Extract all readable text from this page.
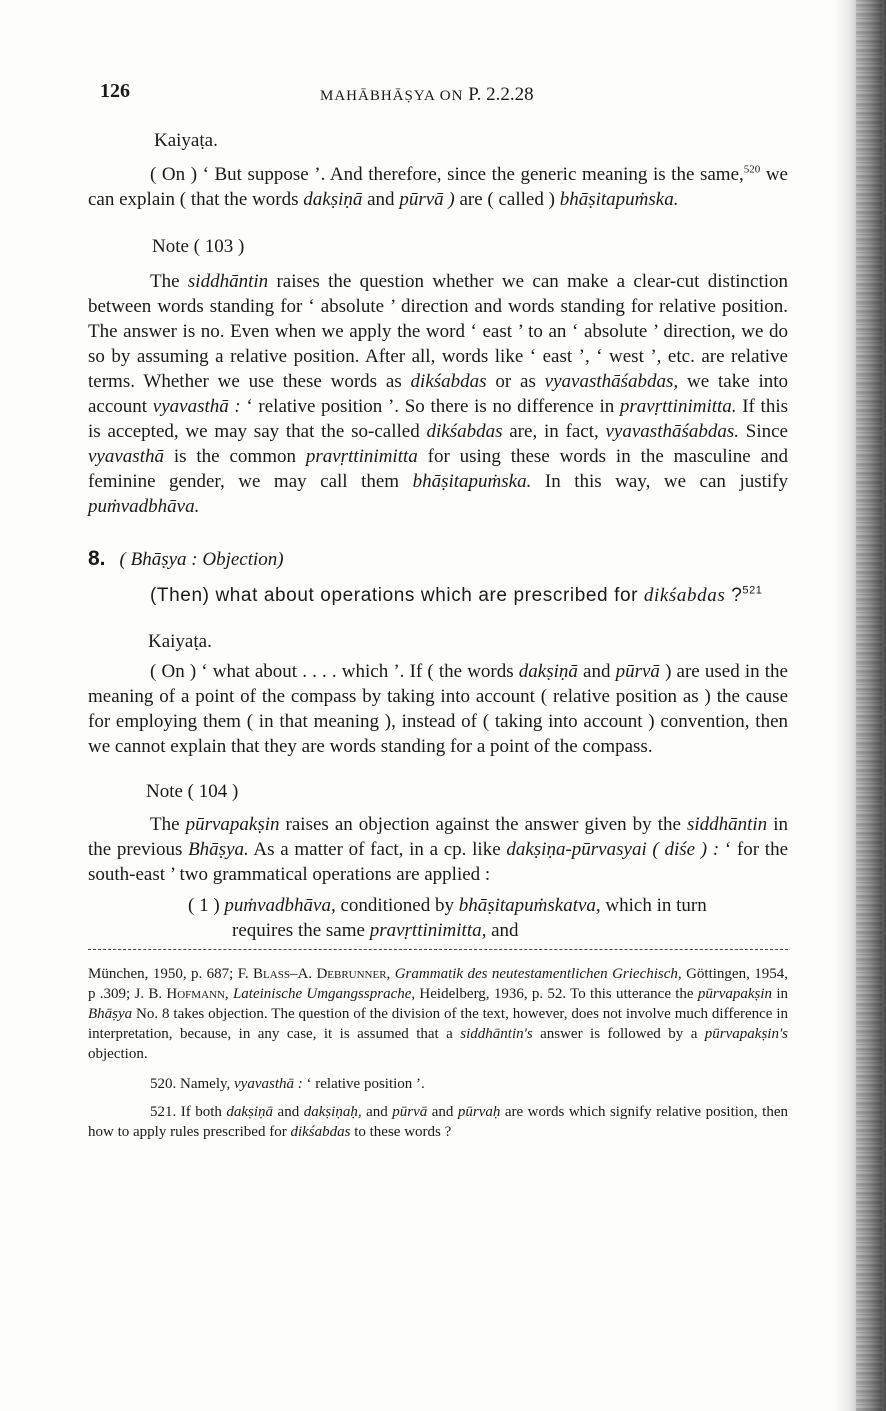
126	MAHĀBHĀṢYA ON P. 2.2.28

Kaiyaṭa.

( On ) ‘ But suppose ’. And therefore, since the generic meaning is the same,$^{520}$ we can explain ( that the words dakṣiṇā and pūrvā ) are ( called ) bhāṣitapuṁska.

Note ( 103 )

The siddhāntin raises the question whether we can make a clear-cut distinction between words standing for ‘ absolute ’ direction and words standing for relative position. The answer is no. Even when we apply the word ‘ east ’ to an ‘ absolute ’ direction, we do so by assuming a relative position. After all, words like ‘ east ’, ‘ west ’, etc. are relative terms. Whether we use these words as dikśabdas or as vyavasthāśabdas, we take into account vyavasthā : ‘ relative position ’. So there is no difference in pravṛttinimitta. If this is accepted, we may say that the so-called dikśabdas are, in fact, vyavasthāśabdas. Since vyavasthā is the common pravṛttinimitta for using these words in the masculine and feminine gender, we may call them bhāṣitapuṁska. In this way, we can justify puṁvadbhāva.

8. ( Bhāṣya : Objection)

(Then) what about operations which are prescribed for dikśabdas ?$^{521}$

Kaiyaṭa.

( On ) ‘ what about . . . . which ’. If ( the words dakṣiṇā and pūrvā ) are used in the meaning of a point of the compass by taking into account ( relative position as ) the cause for employing them ( in that meaning ), instead of ( taking into account ) convention, then we cannot explain that they are words standing for a point of the compass.

Note ( 104 )

The pūrvapakṣin raises an objection against the answer given by the siddhāntin in the previous Bhāṣya. As a matter of fact, in a cp. like dakṣiṇa-pūrvasyai ( diśe ) : ‘ for the south-east ’ two grammatical operations are applied :

( 1 ) puṁvadbhāva, conditioned by bhāṣitapuṁskatva, which in turn
requires the same pravṛttinimitta, and

München, 1950, p. 687; F. Blass–A. Debrunner, Grammatik des neutestamentlichen Griechisch, Göttingen, 1954, p .309; J. B. Hofmann, Lateinische Umgangssprache, Heidelberg, 1936, p. 52. To this utterance the pūrvapakṣin in Bhāṣya No. 8 takes objection. The question of the division of the text, however, does not involve much difference in interpretation, because, in any case, it is assumed that a siddhāntin's answer is followed by a pūrvapakṣin's objection.

520. Namely, vyavasthā : ‘ relative position ’.

521. If both dakṣiṇā and dakṣiṇaḥ, and pūrvā and pūrvaḥ are words which signify relative position, then how to apply rules prescribed for dikśabdas to these words ?
